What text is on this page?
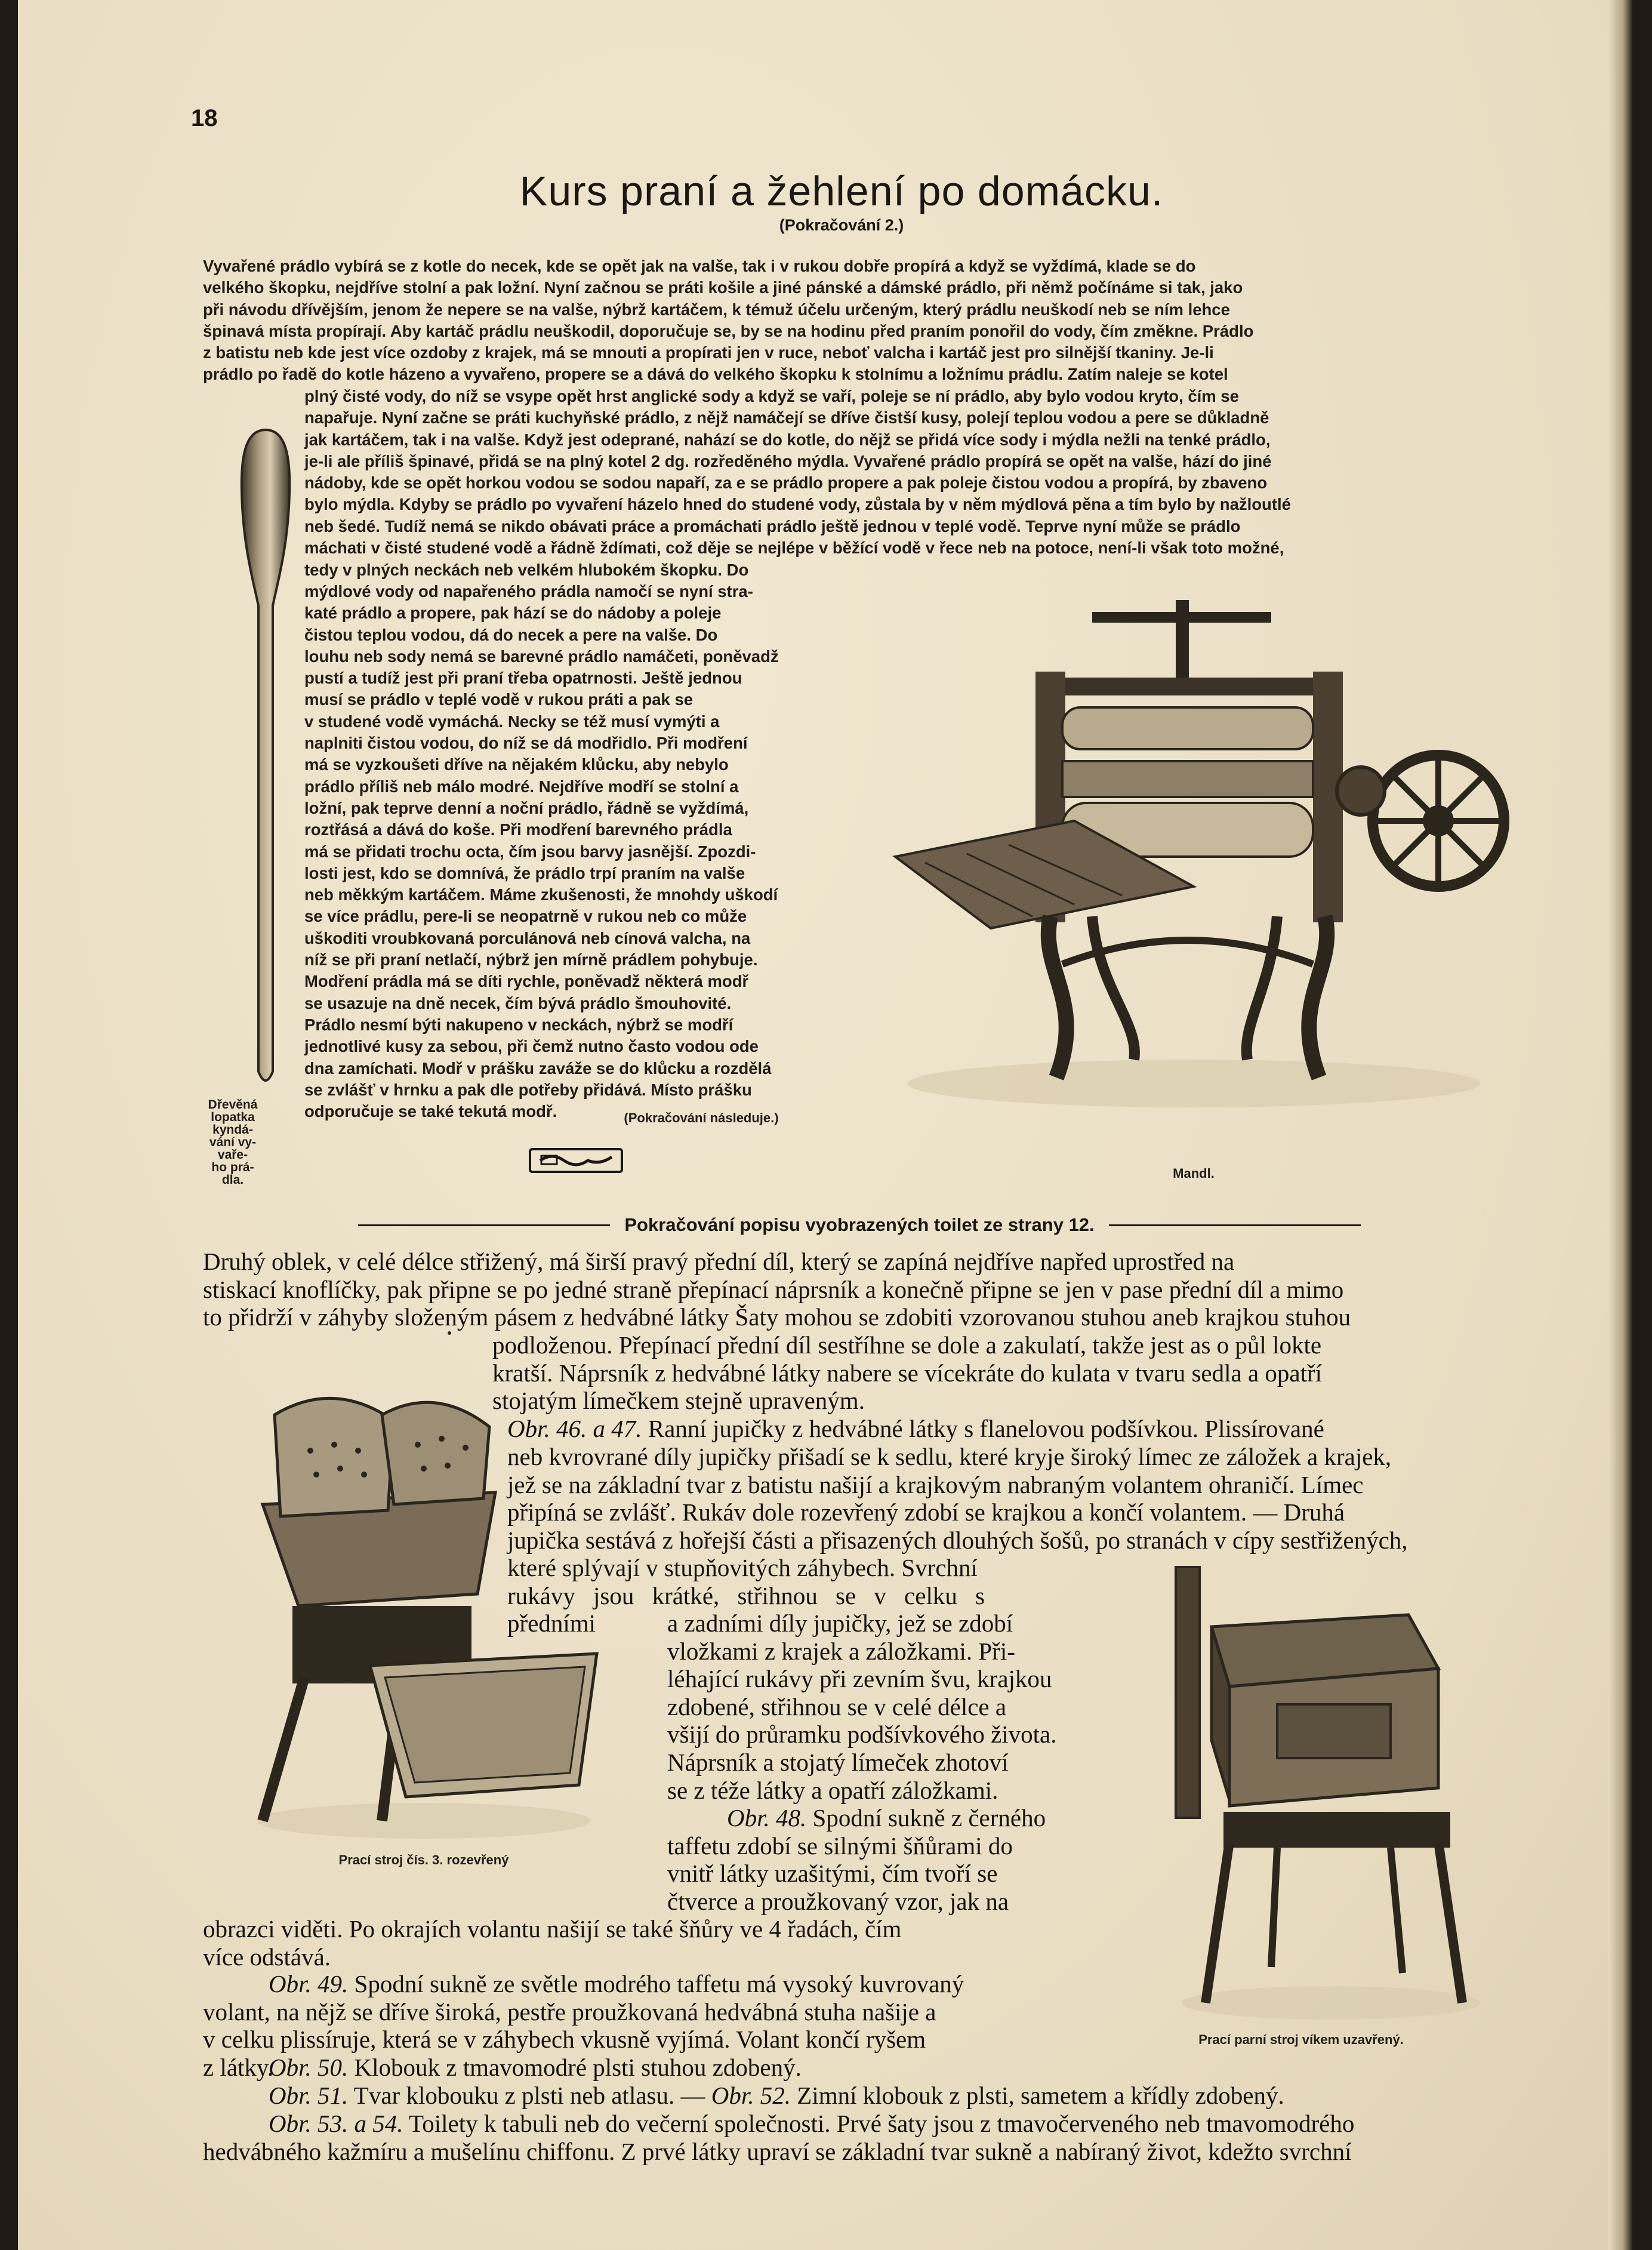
18
Kurs praní a žehlení po domácku.
(Pokračování 2.)
Vyvařené prádlo vybírá se z kotle do necek, kde se opět jak na valše, tak i v rukou dobře propírá a když se vyždímá, klade se do
velkého škopku, nejdříve stolní a pak ložní. Nyní začnou se práti košile a jiné pánské a dámské prádlo, při němž počínáme si tak, jako
při návodu dřívějším, jenom že nepere se na valše, nýbrž kartáčem, k témuž účelu určeným, který prádlu neuškodí neb se ním lehce
špinavá místa propírají. Aby kartáč prádlu neuškodil, doporučuje se, by se na hodinu před praním ponořil do vody, čím změkne. Prádlo
z batistu neb kde jest více ozdoby z krajek, má se mnouti a propírati jen v ruce, neboť valcha i kartáč jest pro silnější tkaniny. Je-li
prádlo po řadě do kotle házeno a vyvařeno, propere se a dává do velkého škopku k stolnímu a ložnímu prádlu. Zatím naleje se kotel
plný čisté vody, do níž se vsype opět hrst anglické sody a když se vaří, poleje se ní prádlo, aby bylo vodou kryto, čím se
napařuje. Nyní začne se práti kuchyňské prádlo, z nějž namáčejí se dříve čistší kusy, polejí teplou vodou a pere se důkladně
jak kartáčem, tak i na valše. Když jest odeprané, nahází se do kotle, do nějž se přidá více sody i mýdla nežli na tenké prádlo,
je-li ale příliš špinavé, přidá se na plný kotel 2 dg. rozředěného mýdla. Vyvařené prádlo propírá se opět na valše, hází do jiné
nádoby, kde se opět horkou vodou se sodou napaří, za e se prádlo propere a pak poleje čistou vodou a propírá, by zbaveno
bylo mýdla. Kdyby se prádlo po vyvaření házelo hned do studené vody, zůstala by v něm mýdlová pěna a tím bylo by nažloutlé
neb šedé. Tudíž nemá se nikdo obávati práce a promáchati prádlo ještě jednou v teplé vodě. Teprve nyní může se prádlo
máchati v čisté studené vodě a řádně ždímati, což děje se nejlépe v běžící vodě v řece neb na potoce, není-li však toto možné,
tedy v plných neckách neb velkém hlubokém škopku. Do
mýdlové vody od napařeného prádla namočí se nyní stra-
katé prádlo a propere, pak hází se do nádoby a poleje
čistou teplou vodou, dá do necek a pere na valše. Do
louhu neb sody nemá se barevné prádlo namáčeti, poněvadž
pustí a tudíž jest při praní třeba opatrnosti. Ještě jednou
musí se prádlo v teplé vodě v rukou práti a pak se
v studené vodě vymáchá. Necky se též musí vymýti a
naplniti čistou vodou, do níž se dá modřidlo. Při modření
má se vyzkoušeti dříve na nějakém klůcku, aby nebylo
prádlo příliš neb málo modré. Nejdříve modří se stolní a
ložní, pak teprve denní a noční prádlo, řádně se vyždímá,
roztřásá a dává do koše. Při modření barevného prádla
má se přidati trochu octa, čím jsou barvy jasnější. Zpozdi-
losti jest, kdo se domnívá, že prádlo trpí praním na valše
neb měkkým kartáčem. Máme zkušenosti, že mnohdy uškodí
se více prádlu, pere-li se neopatrně v rukou neb co může
uškoditi vroubkovaná porculánová neb cínová valcha, na
níž se při praní netlačí, nýbrž jen mírně prádlem pohybuje.
Modření prádla má se díti rychle, poněvadž některá modř
se usazuje na dně necek, čím bývá prádlo šmouhovité.
Prádlo nesmí býti nakupeno v neckách, nýbrž se modří
jednotlivé kusy za sebou, při čemž nutno často vodou ode
dna zamíchati. Modř v prášku zaváže se do klůcku a rozdělá
se zvlášť v hrnku a pak dle potřeby přidává. Místo prášku
odporučuje se také tekutá modř.	(Pokračování následuje.)
Dřevěná
lopatka
kyndá-
vání vy-
vaře-
ho prá-
dla.	Mandl.
Pokračování popisu vyobrazených toilet ze strany 12.
Druhý oblek, v celé délce střižený, má širší pravý přední díl, který se zapíná nejdříve napřed uprostřed na
stiskací knoflíčky, pak připne se po jedné straně přepínací náprsník a konečně připne se jen v pase přední díl a mimo
to přidrží v záhyby složeným pásem z hedvábné látky Šaty mohou se zdobiti vzorovanou stuhou aneb krajkou stuhou
podloženou. Přepínací přední díl sestříhne se dole a zakulatí, takže jest as o půl lokte
kratší. Náprsník z hedvábné látky nabere se vícekráte do kulata v tvaru sedla a opatří
stojatým límečkem stejně upraveným.
Obr. 46. a 47. Ranní jupičky z hedvábné látky s flanelovou podšívkou. Plissírované
neb kvrovrané díly jupičky přišadí se k sedlu, které kryje široký límec ze záložek a krajek,
jež se na základní tvar z batistu našijí a krajkovým nabraným volantem ohraničí. Límec
připíná se zvlášť. Rukáv dole rozevřený zdobí se krajkou a končí volantem. — Druhá
jupička sestává z hořejší části a přisazených dlouhých šošů, po stranách v cípy sestřižených,
které splývají v stupňovitých záhybech. Svrchní
rukávy jsou krátké, střihnou se v celku s předními	a zadními díly jupičky, jež se zdobí
vložkami z krajek a záložkami. Při-
léhající rukávy při zevním švu, krajkou
zdobené, střihnou se v celé délce a
všijí do průramku podšívkového života.
Náprsník a stojatý límeček zhotoví
se z téže látky a opatří záložkami.
Obr. 48. Spodní sukně z černého
taffetu zdobí se silnými šňůrami do
vnitř látky uzašitými, čím tvoří se
čtverce a proužkovaný vzor, jak na
obrazci viděti. Po okrajích volantu našijí se také šňůry ve 4 řadách, čím
více odstává.
Obr. 49. Spodní sukně ze světle modrého taffetu má vysoký kuvrovaný
volant, na nějž se dříve široká, pestře proužkovaná hedvábná stuha našije a
v celku plissíruje, která se v záhybech vkusně vyjímá. Volant končí ryšem
z látky.
Obr. 50. Klobouk z tmavomodré plsti stuhou zdobený.
Obr. 51. Tvar klobouku z plsti neb atlasu. — Obr. 52. Zimní klobouk z plsti, sametem a křídly zdobený.
Obr. 53. a 54. Toilety k tabuli neb do večerní společnosti. Prvé šaty jsou z tmavočerveného neb tmavomodrého
hedvábného kažmíru a mušelínu chiffonu. Z prvé látky upraví se základní tvar sukně a nabíraný život, kdežto svrchní
Prací stroj čís. 3. rozevřený
Prací parní stroj víkem uzavřený.
